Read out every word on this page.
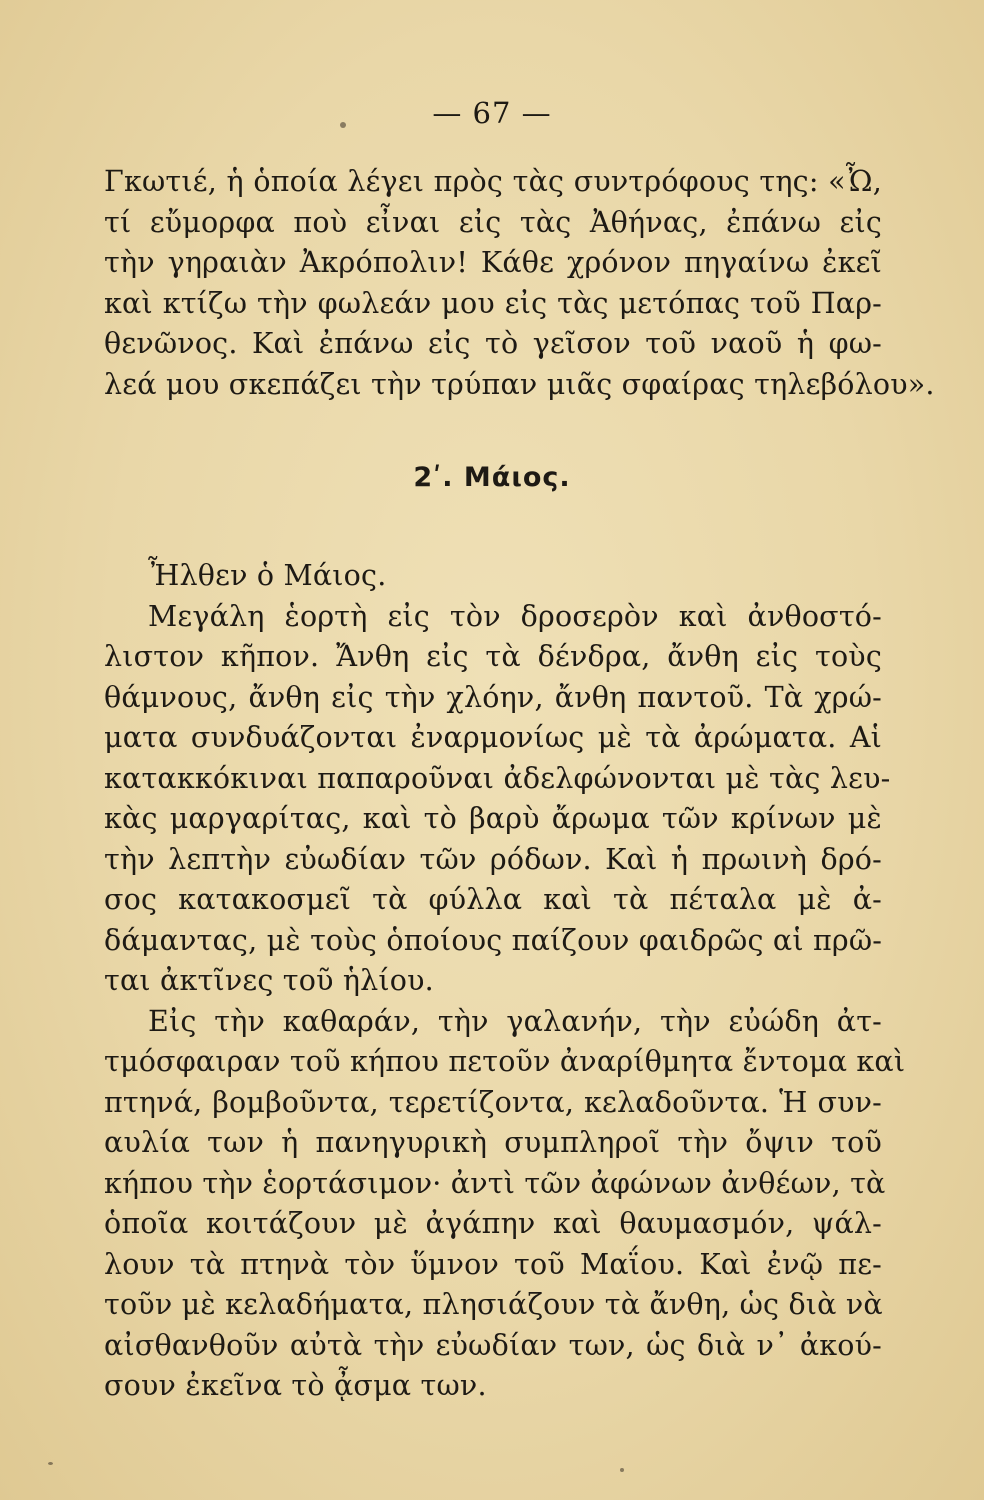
— 67 —
Γκωτιέ, ἡ ὁποία λέγει πρὸς τὰς συντρόφους της: «Ὦ,
τί εὔμορφα ποὺ εἶναι εἰς τὰς Ἀθήνας, ἐπάνω εἰς
τὴν γηραιὰν Ἀκρόπολιν! Κάθε χρόνον πηγαίνω ἐκεῖ
καὶ κτίζω τὴν φωλεάν μου εἰς τὰς μετόπας τοῦ Παρ-
θενῶνος. Καὶ ἐπάνω εἰς τὸ γεῖσον τοῦ ναοῦ ἡ φω-
λεά μου σκεπάζει τὴν τρύπαν μιᾶς σφαίρας τηλεβόλου».
2ʹ. Μάιος.
Ἦλθεν ὁ Μάιος.
Μεγάλη ἑορτὴ εἰς τὸν δροσερὸν καὶ ἀνθοστό-
λιστον κῆπον. Ἄνθη εἰς τὰ δένδρα, ἄνθη εἰς τοὺς
θάμνους, ἄνθη εἰς τὴν χλόην, ἄνθη παντοῦ. Τὰ χρώ-
ματα συνδυάζονται ἐναρμονίως μὲ τὰ ἀρώματα. Αἱ
κατακκόκιναι παπαροῦναι ἀδελφώνονται μὲ τὰς λευ-
κὰς μαργαρίτας, καὶ τὸ βαρὺ ἄρωμα τῶν κρίνων μὲ
τὴν λεπτὴν εὐωδίαν τῶν ρόδων. Καὶ ἡ πρωινὴ δρό-
σος κατακοσμεῖ τὰ φύλλα καὶ τὰ πέταλα μὲ ἀ-
δάμαντας, μὲ τοὺς ὁποίους παίζουν φαιδρῶς αἱ πρῶ-
ται ἀκτῖνες τοῦ ἡλίου.
Εἰς τὴν καθαράν, τὴν γαλανήν, τὴν εὐώδη ἀτ-
τμόσφαιραν τοῦ κήπου πετοῦν ἀναρίθμητα ἔντομα καὶ
πτηνά, βομβοῦντα, τερετίζοντα, κελαδοῦντα. Ἡ συν-
αυλία των ἡ πανηγυρικὴ συμπληροῖ τὴν ὄψιν τοῦ
κήπου τὴν ἑορτάσιμον· ἀντὶ τῶν ἀφώνων ἀνθέων, τὰ
ὁποῖα κοιτάζουν μὲ ἀγάπην καὶ θαυμασμόν, ψάλ-
λουν τὰ πτηνὰ τὸν ὕμνον τοῦ Μαΐου. Καὶ ἐνῷ πε-
τοῦν μὲ κελαδήματα, πλησιάζουν τὰ ἄνθη, ὡς διὰ νὰ
αἰσθανθοῦν αὐτὰ τὴν εὐωδίαν των, ὡς διὰ ν᾿ ἀκού-
σουν ἐκεῖνα τὸ ᾆσμα των.
